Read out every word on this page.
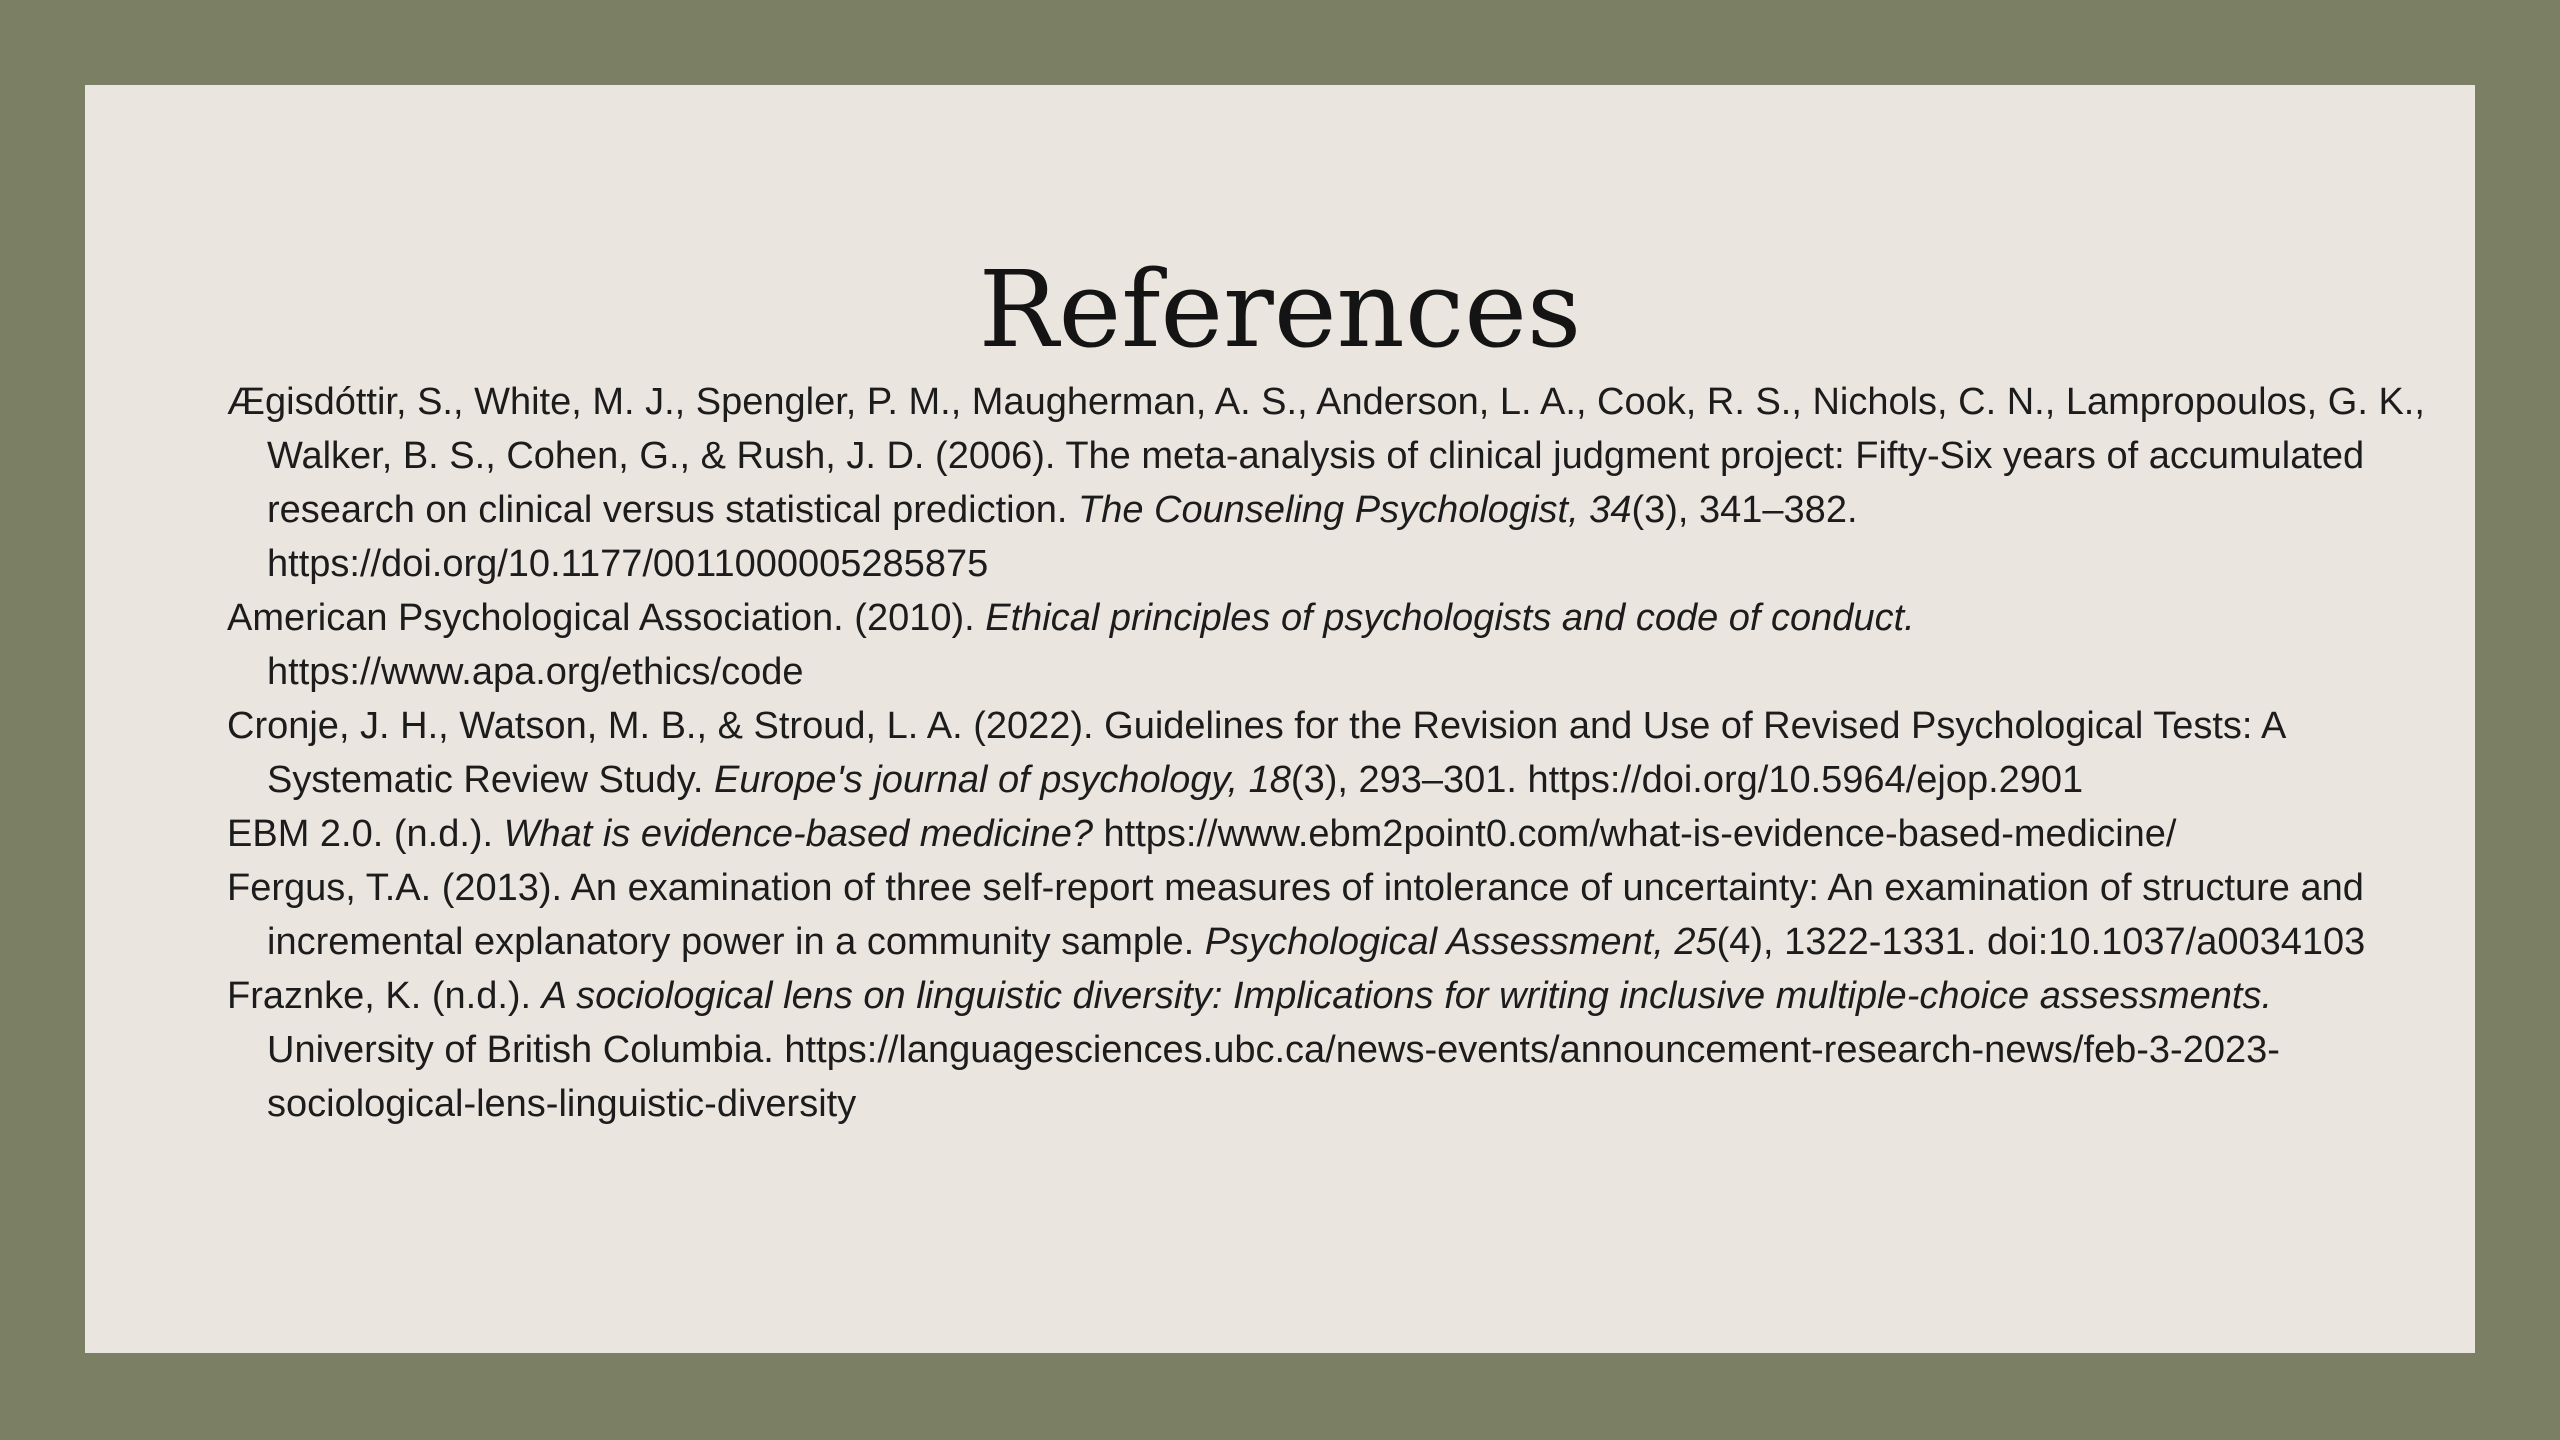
References
Ægisdóttir, S., White, M. J., Spengler, P. M., Maugherman, A. S., Anderson, L. A., Cook, R. S., Nichols, C. N., Lampropoulos, G. K., Walker, B. S., Cohen, G., & Rush, J. D. (2006). The meta-analysis of clinical judgment project: Fifty-Six years of accumulated research on clinical versus statistical prediction. The Counseling Psychologist, 34(3), 341–382. https://doi.org/10.1177/0011000005285875
American Psychological Association. (2010). Ethical principles of psychologists and code of conduct. https://www.apa.org/ethics/code
Cronje, J. H., Watson, M. B., & Stroud, L. A. (2022). Guidelines for the Revision and Use of Revised Psychological Tests: A Systematic Review Study. Europe's journal of psychology, 18(3), 293–301. https://doi.org/10.5964/ejop.2901
EBM 2.0. (n.d.). What is evidence-based medicine? https://www.ebm2point0.com/what-is-evidence-based-medicine/
Fergus, T.A. (2013). An examination of three self-report measures of intolerance of uncertainty: An examination of structure and incremental explanatory power in a community sample. Psychological Assessment, 25(4), 1322-1331. doi:10.1037/a0034103
Fraznke, K. (n.d.). A sociological lens on linguistic diversity: Implications for writing inclusive multiple-choice assessments. University of British Columbia. https://languagesciences.ubc.ca/news-events/announcement-research-news/feb-3-2023-sociological-lens-linguistic-diversity
